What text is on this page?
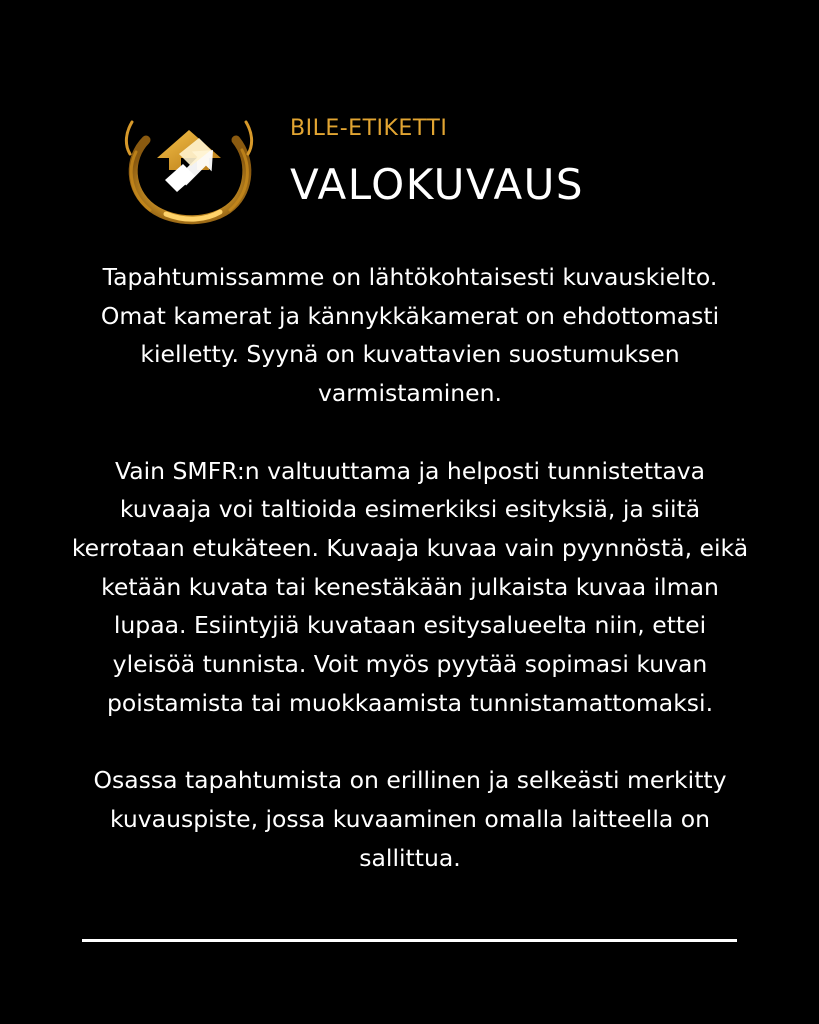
BILE-ETIKETTI
VALOKUVAUS

Tapahtumissamme on lähtökohtaisesti kuvauskielto. Omat kamerat ja kännykkäkamerat on ehdottomasti kielletty. Syynä on kuvattavien suostumuksen varmistaminen.

Vain SMFR:n valtuuttama ja helposti tunnistettava kuvaaja voi taltioida esimerkiksi esityksiä, ja siitä kerrotaan etukäteen. Kuvaaja kuvaa vain pyynnöstä, eikä ketään kuvata tai kenestäkään julkaista kuvaa ilman lupaa. Esiintyjiä kuvataan esitysalueelta niin, ettei yleisöä tunnista. Voit myös pyytää sopimasi kuvan poistamista tai muokkaamista tunnistamattomaksi.

Osassa tapahtumista on erillinen ja selkeästi merkitty kuvauspiste, jossa kuvaaminen omalla laitteella on sallittua.
